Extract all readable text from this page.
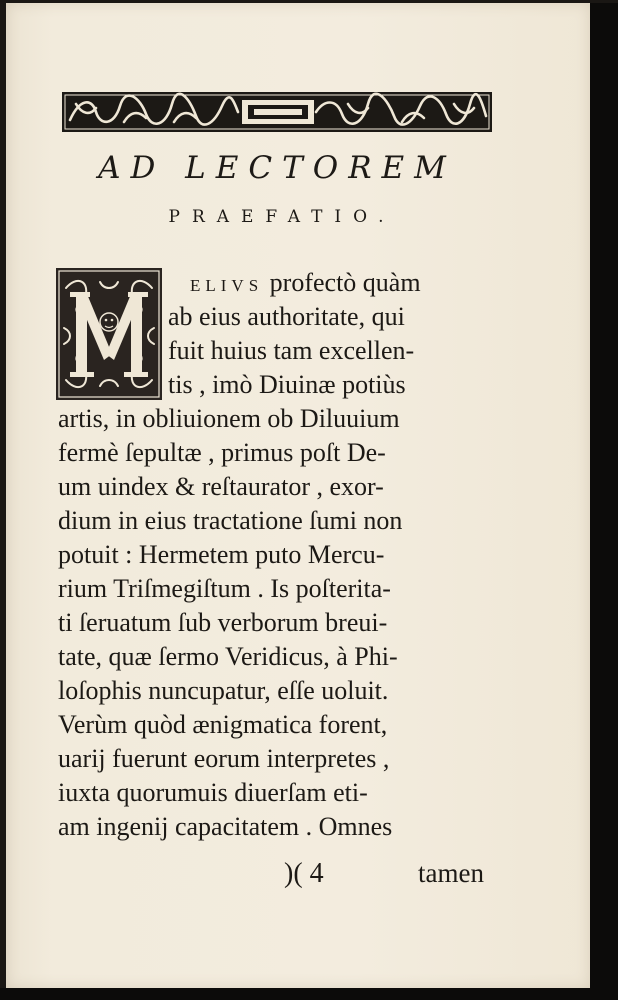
AD LECTOREM
PRAEFATIO.

ELIVS profectò quàm

ab eius authoritate, qui

fuit huius tam excellen-

tis , imò Diuinæ potiùs

artis, in obliuionem ob Diluuium

fermè ſepultæ , primus poſt De-

um uindex & reſtaurator , exor-

dium in eius tractatione ſumi non

potuit : Hermetem puto Mercu-

rium Triſmegiſtum . Is poſterita-

ti ſeruatum ſub verborum breui-

tate, quæ ſermo Veridicus, à Phi-

loſophis nuncupatur, eſſe uoluit.

Verùm quòd ænigmatica forent,

uarij fuerunt eorum interpretes ,

iuxta quorumuis diuerſam eti-

am ingenij capacitatem . Omnes

)( 4	tamen
